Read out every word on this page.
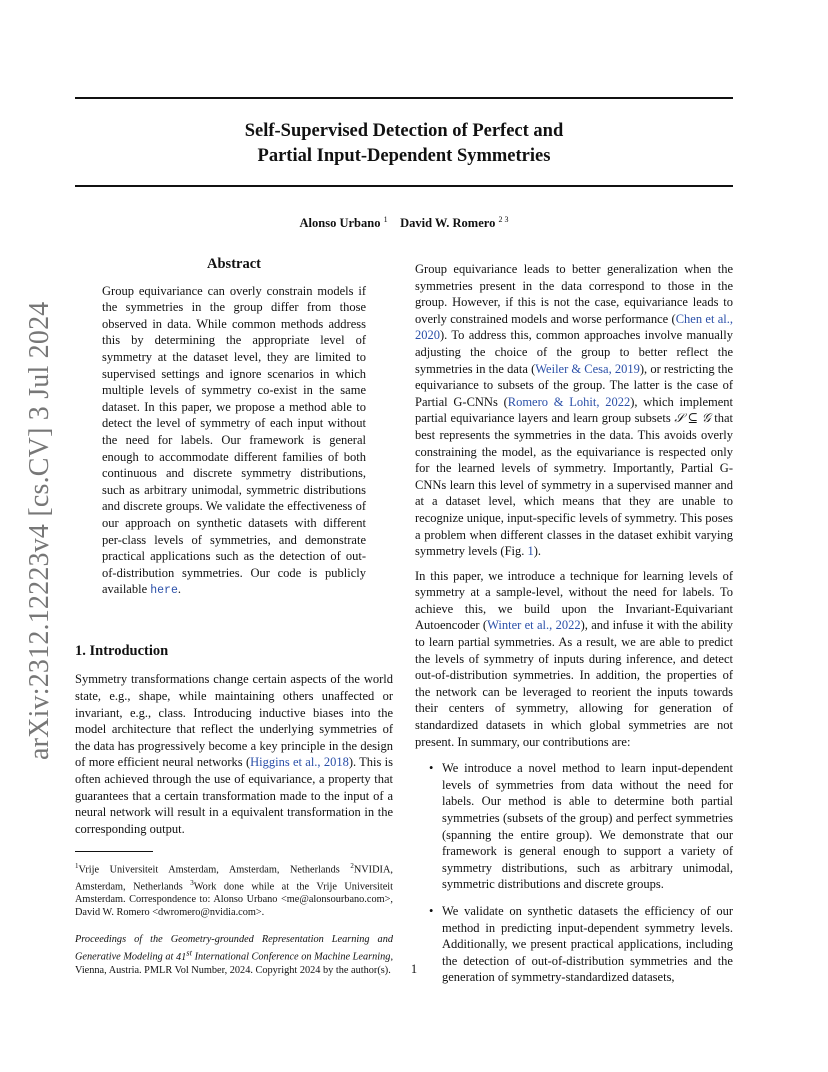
Self-Supervised Detection of Perfect and
Partial Input-Dependent Symmetries
Alonso Urbano $^1$ David W. Romero $^{2 3}$
arXiv:2312.12223v4 [cs.CV] 3 Jul 2024
Abstract
Group equivariance can overly constrain models if the symmetries in the group differ from those observed in data. While common methods address this by determining the appropriate level of symmetry at the dataset level, they are limited to supervised settings and ignore scenarios in which multiple levels of symmetry co-exist in the same dataset. In this paper, we propose a method able to detect the level of symmetry of each input without the need for labels. Our framework is general enough to accommodate different families of both continuous and discrete symmetry distributions, such as arbitrary unimodal, symmetric distributions and discrete groups. We validate the effectiveness of our approach on synthetic datasets with different per-class levels of symmetries, and demonstrate practical applications such as the detection of out-of-distribution symmetries. Our code is publicly available here.
1. Introduction

Symmetry transformations change certain aspects of the world state, e.g., shape, while maintaining others unaffected or invariant, e.g., class. Introducing inductive biases into the model architecture that reflect the underlying symmetries of the data has progressively become a key principle in the design of more efficient neural networks (Higgins et al., 2018). This is often achieved through the use of equivariance, a property that guarantees that a certain transformation made to the input of a neural network will result in a equivalent transformation in the corresponding output.

$^1$Vrije Universiteit Amsterdam, Amsterdam, Netherlands $^2$NVIDIA, Amsterdam, Netherlands $^3$Work done while at the Vrije Universiteit Amsterdam. Correspondence to: Alonso Urbano <me@alonsourbano.com>, David W. Romero <dwromero@nvidia.com>.
Proceedings of the Geometry-grounded Representation Learning and Generative Modeling at 41st International Conference on Machine Learning, Vienna, Austria. PMLR Vol Number, 2024. Copyright 2024 by the author(s).

Group equivariance leads to better generalization when the symmetries present in the data correspond to those in the group. However, if this is not the case, equivariance leads to overly constrained models and worse performance (Chen et al., 2020). To address this, common approaches involve manually adjusting the choice of the group to better reflect the symmetries in the data (Weiler & Cesa, 2019), or restricting the equivariance to subsets of the group. The latter is the case of Partial G-CNNs (Romero & Lohit, 2022), which implement partial equivariance layers and learn group subsets 𝒮 ⊆ 𝒢 that best represents the symmetries in the data. This avoids overly constraining the model, as the equivariance is respected only for the learned levels of symmetry. Importantly, Partial G-CNNs learn this level of symmetry in a supervised manner and at a dataset level, which means that they are unable to recognize unique, input-specific levels of symmetry. This poses a problem when different classes in the dataset exhibit varying symmetry levels (Fig. 1).

In this paper, we introduce a technique for learning levels of symmetry at a sample-level, without the need for labels. To achieve this, we build upon the Invariant-Equivariant Autoencoder (Winter et al., 2022), and infuse it with the ability to learn partial symmetries. As a result, we are able to predict the levels of symmetry of inputs during inference, and detect out-of-distribution symmetries. In addition, the properties of the network can be leveraged to reorient the inputs towards their centers of symmetry, allowing for generation of standardized datasets in which global symmetries are not present. In summary, our contributions are:

• We introduce a novel method to learn input-dependent levels of symmetries from data without the need for labels. Our method is able to determine both partial symmetries (subsets of the group) and perfect symmetries (spanning the entire group). We demonstrate that our framework is general enough to support a variety of symmetry distributions, such as arbitrary unimodal, symmetric distributions and discrete groups.
• We validate on synthetic datasets the efficiency of our method in predicting input-dependent symmetry levels. Additionally, we present practical applications, including the detection of out-of-distribution symmetries and the generation of symmetry-standardized datasets,
1
